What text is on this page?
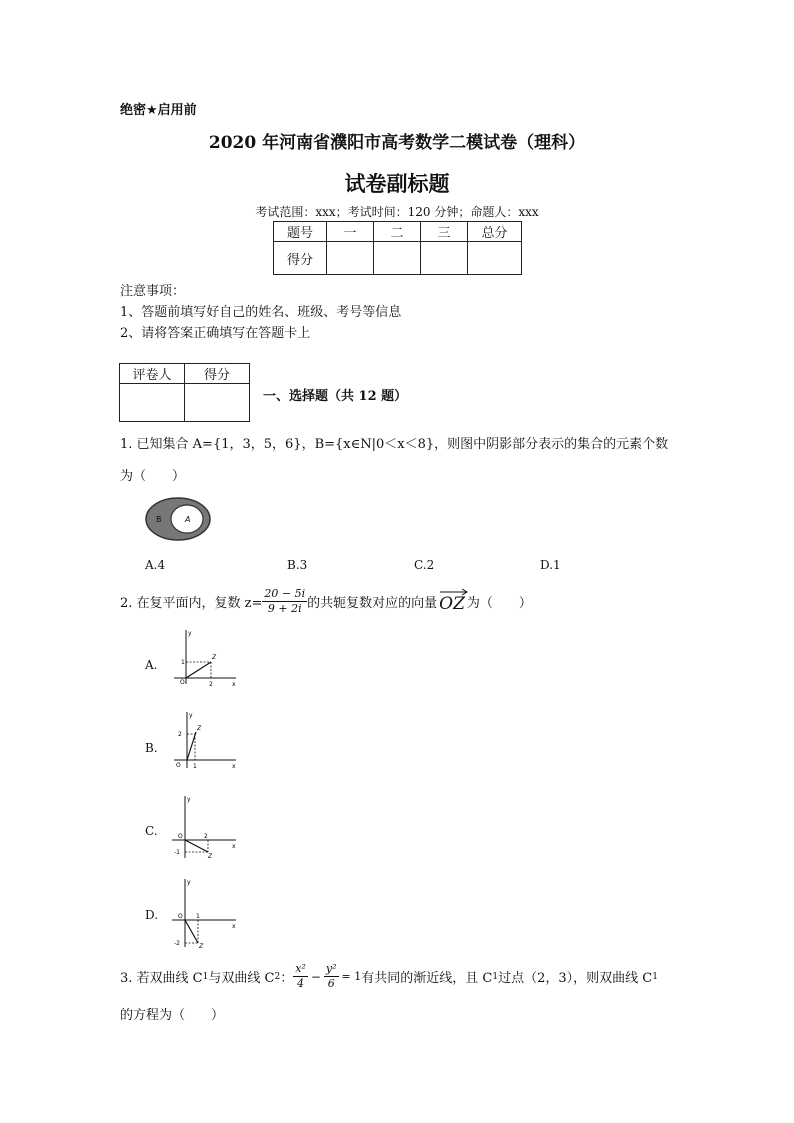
绝密★启用前
2020 年河南省濮阳市高考数学二模试卷（理科）
试卷副标题
考试范围：xxx；考试时间：120 分钟；命题人：xxx
题号	一	二	三	总分
得分				
注意事项：
1、答题前填写好自己的姓名、班级、考号等信息
2、请将答案正确填写在答题卡上
评卷人	得分

一、选择题（共 12 题）
1. 已知集合 A={1，3，5，6}，B={x∈N|0＜x＜8}，则图中阴影部分表示的集合的元素个数
为（　　）
B	A
A.4	B.3	C.2	D.1
2. 在复平面内，复数 $z= \frac{20 - 5i}{9 + 2i}$ 的共轭复数对应的向量 OZ 为（　　）
A.
y
x
O
1
2
Z
B.
y
x
O
2
1
Z
C.
y
x
O	2
-1
Z
D.
y
x
O 1
-2	Z
3. 若双曲线 C 1 与双曲线 C 2 ： $\frac{\text{x²}}{4} - \frac{\text{y²}}{6} = 1$ 有共同的渐近线，且 C 1 过点（2，3），则双曲线 C 1
的方程为（　　）
